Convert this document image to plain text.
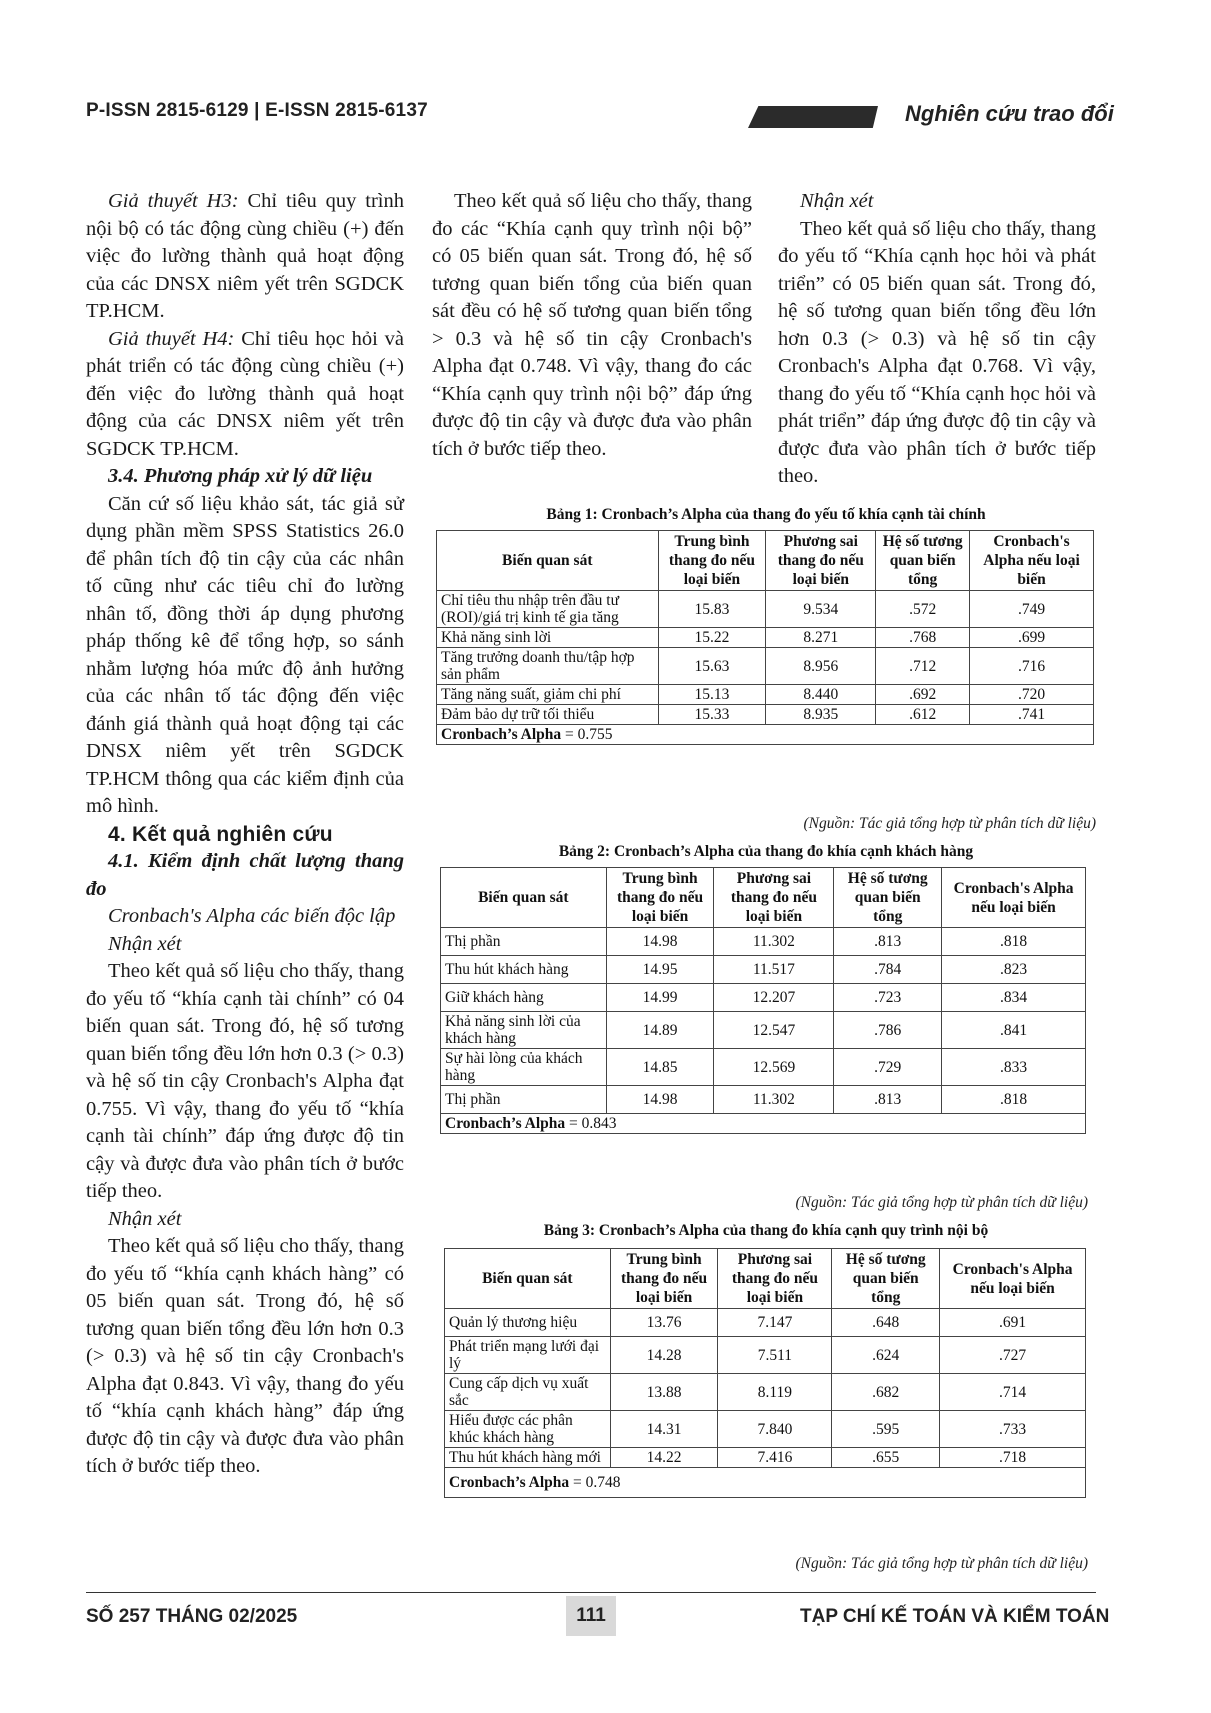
P-ISSN 2815-6129 | E-ISSN 2815-6137	Nghiên cứu trao đổi

Giả thuyết H3: Chỉ tiêu quy trình nội bộ có tác động cùng chiều (+) đến việc đo lường thành quả hoạt động của các DNSX niêm yết trên SGDCK TP.HCM.

Giả thuyết H4: Chỉ tiêu học hỏi và phát triển có tác động cùng chiều (+) đến việc đo lường thành quả hoạt động của các DNSX niêm yết trên SGDCK TP.HCM.

3.4. Phương pháp xử lý dữ liệu

Căn cứ số liệu khảo sát, tác giả sử dụng phần mềm SPSS Statistics 26.0 để phân tích độ tin cậy của các nhân tố cũng như các tiêu chỉ đo lường nhân tố, đồng thời áp dụng phương pháp thống kê để tổng hợp, so sánh nhằm lượng hóa mức độ ảnh hưởng của các nhân tố tác động đến việc đánh giá thành quả hoạt động tại các DNSX niêm yết trên SGDCK TP.HCM thông qua các kiểm định của mô hình.

4. Kết quả nghiên cứu

4.1. Kiểm định chất lượng thang đo

Cronbach's Alpha các biến độc lập

Nhận xét

Theo kết quả số liệu cho thấy, thang đo yếu tố “khía cạnh tài chính” có 04 biến quan sát. Trong đó, hệ số tương quan biến tổng đều lớn hơn 0.3 (> 0.3) và hệ số tin cậy Cronbach's Alpha đạt 0.755. Vì vậy, thang đo yếu tố “khía cạnh tài chính” đáp ứng được độ tin cậy và được đưa vào phân tích ở bước tiếp theo.

Nhận xét

Theo kết quả số liệu cho thấy, thang đo yếu tố “khía cạnh khách hàng” có 05 biến quan sát. Trong đó, hệ số tương quan biến tổng đều lớn hơn 0.3 (> 0.3) và hệ số tin cậy Cronbach's Alpha đạt 0.843. Vì vậy, thang đo yếu tố “khía cạnh khách hàng” đáp ứng được độ tin cậy và được đưa vào phân tích ở bước tiếp theo.

Theo kết quả số liệu cho thấy, thang đo các “Khía cạnh quy trình nội bộ” có 05 biến quan sát. Trong đó, hệ số tương quan biến tổng của biến quan sát đều có hệ số tương quan biến tổng > 0.3 và hệ số tin cậy Cronbach's Alpha đạt 0.748. Vì vậy, thang đo các “Khía cạnh quy trình nội bộ” đáp ứng được độ tin cậy và được đưa vào phân tích ở bước tiếp theo.

Nhận xét

Theo kết quả số liệu cho thấy, thang đo yếu tố “Khía cạnh học hỏi và phát triển” có 05 biến quan sát. Trong đó, hệ số tương quan biến tổng đều lớn hơn 0.3 (> 0.3) và hệ số tin cậy Cronbach's Alpha đạt 0.768. Vì vậy, thang đo yếu tố “Khía cạnh học hỏi và phát triển” đáp ứng được độ tin cậy và được đưa vào phân tích ở bước tiếp theo.

Bảng 1: Cronbach’s Alpha của thang đo yếu tố khía cạnh tài chính
Biến quan sát	Trung bình thang đo nếu loại biến	Phương sai thang đo nếu loại biến	Hệ số tương quan biến tổng	Cronbach's Alpha nếu loại biến
Chỉ tiêu thu nhập trên đầu tư (ROI)/giá trị kinh tế gia tăng	15.83	9.534	.572	.749
Khả năng sinh lời	15.22	8.271	.768	.699
Tăng trưởng doanh thu/tập hợp sản phẩm	15.63	8.956	.712	.716
Tăng năng suất, giảm chi phí	15.13	8.440	.692	.720
Đảm bảo dự trữ tối thiểu	15.33	8.935	.612	.741
Cronbach’s Alpha = 0.755				
(Nguồn: Tác giả tổng hợp từ phân tích dữ liệu)
Bảng 2: Cronbach’s Alpha của thang đo khía cạnh khách hàng
Biến quan sát	Trung bình thang đo nếu loại biến	Phương sai thang đo nếu loại biến	Hệ số tương quan biến tổng	Cronbach's Alpha nếu loại biến
Thị phần	14.98	11.302	.813	.818
Thu hút khách hàng	14.95	11.517	.784	.823
Giữ khách hàng	14.99	12.207	.723	.834
Khả năng sinh lời của khách hàng	14.89	12.547	.786	.841
Sự hài lòng của khách hàng	14.85	12.569	.729	.833
Thị phần	14.98	11.302	.813	.818
Cronbach’s Alpha = 0.843				
(Nguồn: Tác giả tổng hợp từ phân tích dữ liệu)
Bảng 3: Cronbach’s Alpha của thang đo khía cạnh quy trình nội bộ
Biến quan sát	Trung bình thang đo nếu loại biến	Phương sai thang đo nếu loại biến	Hệ số tương quan biến tổng	Cronbach's Alpha nếu loại biến
Quản lý thương hiệu	13.76	7.147	.648	.691
Phát triển mạng lưới đại lý	14.28	7.511	.624	.727
Cung cấp dịch vụ xuất sắc	13.88	8.119	.682	.714
Hiểu được các phân khúc khách hàng	14.31	7.840	.595	.733
Thu hút khách hàng mới	14.22	7.416	.655	.718
Cronbach’s Alpha = 0.748				
(Nguồn: Tác giả tổng hợp từ phân tích dữ liệu)
SỐ 257 THÁNG 02/2025	111	TẠP CHÍ KẾ TOÁN VÀ KIỂM TOÁN
